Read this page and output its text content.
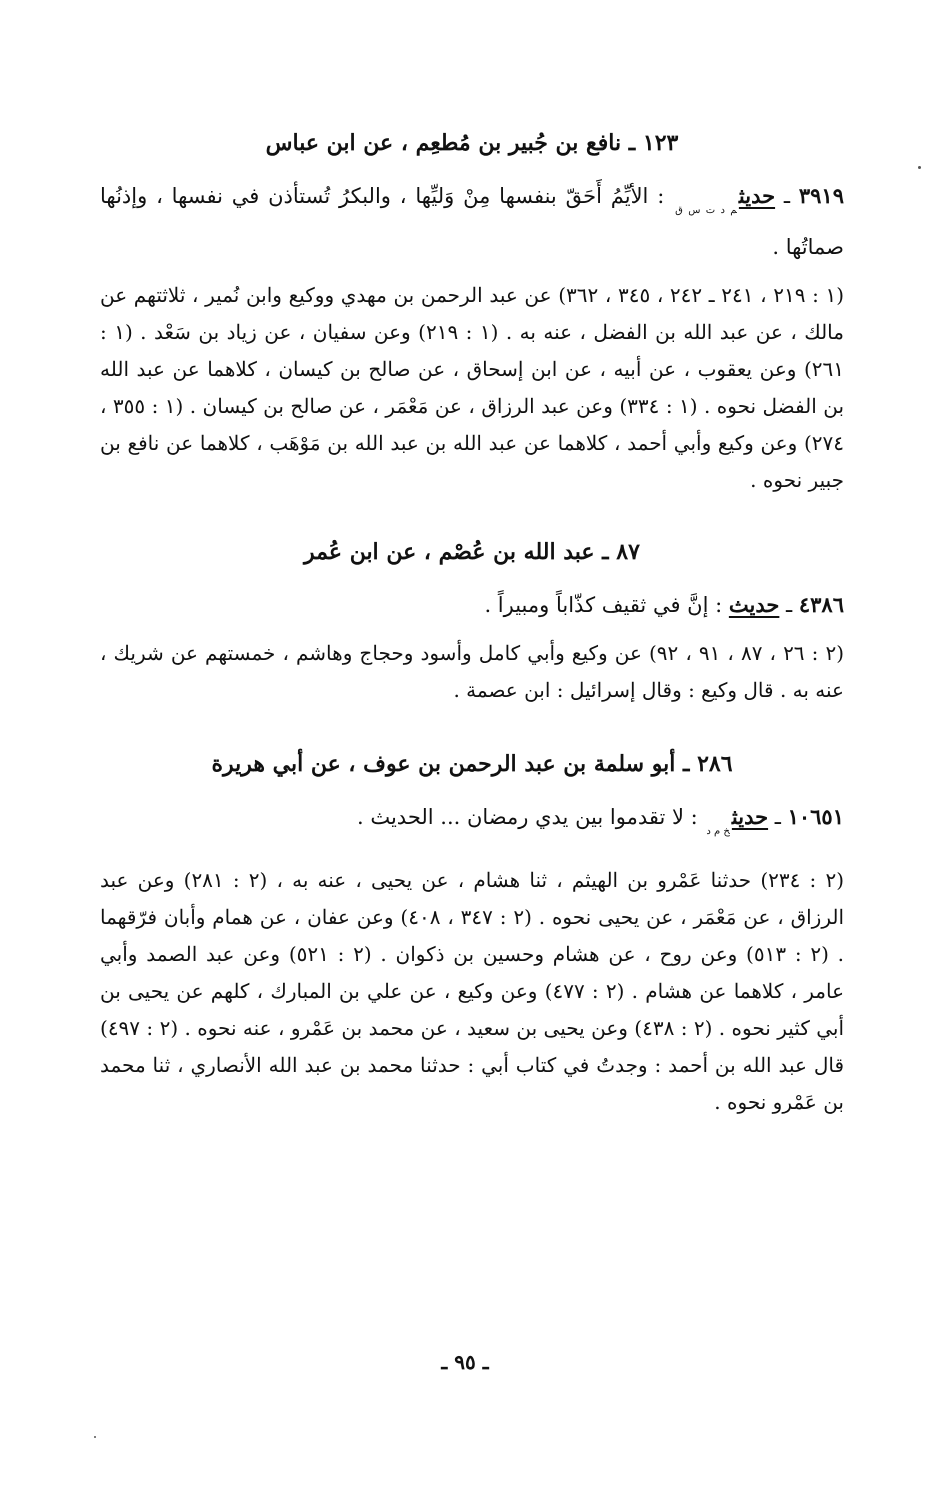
١٢٣ ـ نافع بن جُبير بن مُطعِم ، عن ابن عباس
٣٩١٩ ـ حديث$_{م د ت س ق}$ : الأيِّمُ أَحَقّ بنفسها مِنْ وَليِّها ، والبكرُ تُستأذن في نفسها ، وإذنُها صماتُها .
(١ : ٢١٩ ، ٢٤١ ـ ٢٤٢ ، ٣٤٥ ، ٣٦٢) عن عبد الرحمن بن مهدي ووكيع وابن نُمير ، ثلاثتهم عن مالك ، عن عبد الله بن الفضل ، عنه به . (١ : ٢١٩) وعن سفيان ، عن زياد بن سَعْد . (١ : ٢٦١) وعن يعقوب ، عن أبيه ، عن ابن إسحاق ، عن صالح بن كيسان ، كلاهما عن عبد الله بن الفضل نحوه . (١ : ٣٣٤) وعن عبد الرزاق ، عن مَعْمَر ، عن صالح بن كيسان . (١ : ٣٥٥ ، ٢٧٤) وعن وكيع وأبي أحمد ، كلاهما عن عبد الله بن عبد الله بن مَوْهَب ، كلاهما عن نافع بن جبير نحوه .
٨٧ ـ عبد الله بن عُصْم ، عن ابن عُمر
٤٣٨٦ ـ حديث : إنَّ في ثقيف كذّاباً ومبيراً .
(٢ : ٢٦ ، ٨٧ ، ٩١ ، ٩٢) عن وكيع وأبي كامل وأسود وحجاج وهاشم ، خمستهم عن شريك ، عنه به . قال وكيع : وقال إسرائيل : ابن عصمة .
٢٨٦ ـ أبو سلمة بن عبد الرحمن بن عوف ، عن أبي هريرة
١٠٦٥١ ـ حديث$_{خ م د}$ : لا تقدموا بين يدي رمضان ... الحديث .
(٢ : ٢٣٤) حدثنا عَمْرو بن الهيثم ، ثنا هشام ، عن يحيى ، عنه به ، (٢ : ٢٨١) وعن عبد الرزاق ، عن مَعْمَر ، عن يحيى نحوه . (٢ : ٣٤٧ ، ٤٠٨) وعن عفان ، عن همام وأبان فرّقهما . (٢ : ٥١٣) وعن روح ، عن هشام وحسين بن ذكوان . (٢ : ٥٢١) وعن عبد الصمد وأبي عامر ، كلاهما عن هشام . (٢ : ٤٧٧) وعن وكيع ، عن علي بن المبارك ، كلهم عن يحيى بن أبي كثير نحوه . (٢ : ٤٣٨) وعن يحيى بن سعيد ، عن محمد بن عَمْرو ، عنه نحوه . (٢ : ٤٩٧) قال عبد الله بن أحمد : وجدتُ في كتاب أبي : حدثنا محمد بن عبد الله الأنصاري ، ثنا محمد بن عَمْرو نحوه .
ـ ٩٥ ـ
